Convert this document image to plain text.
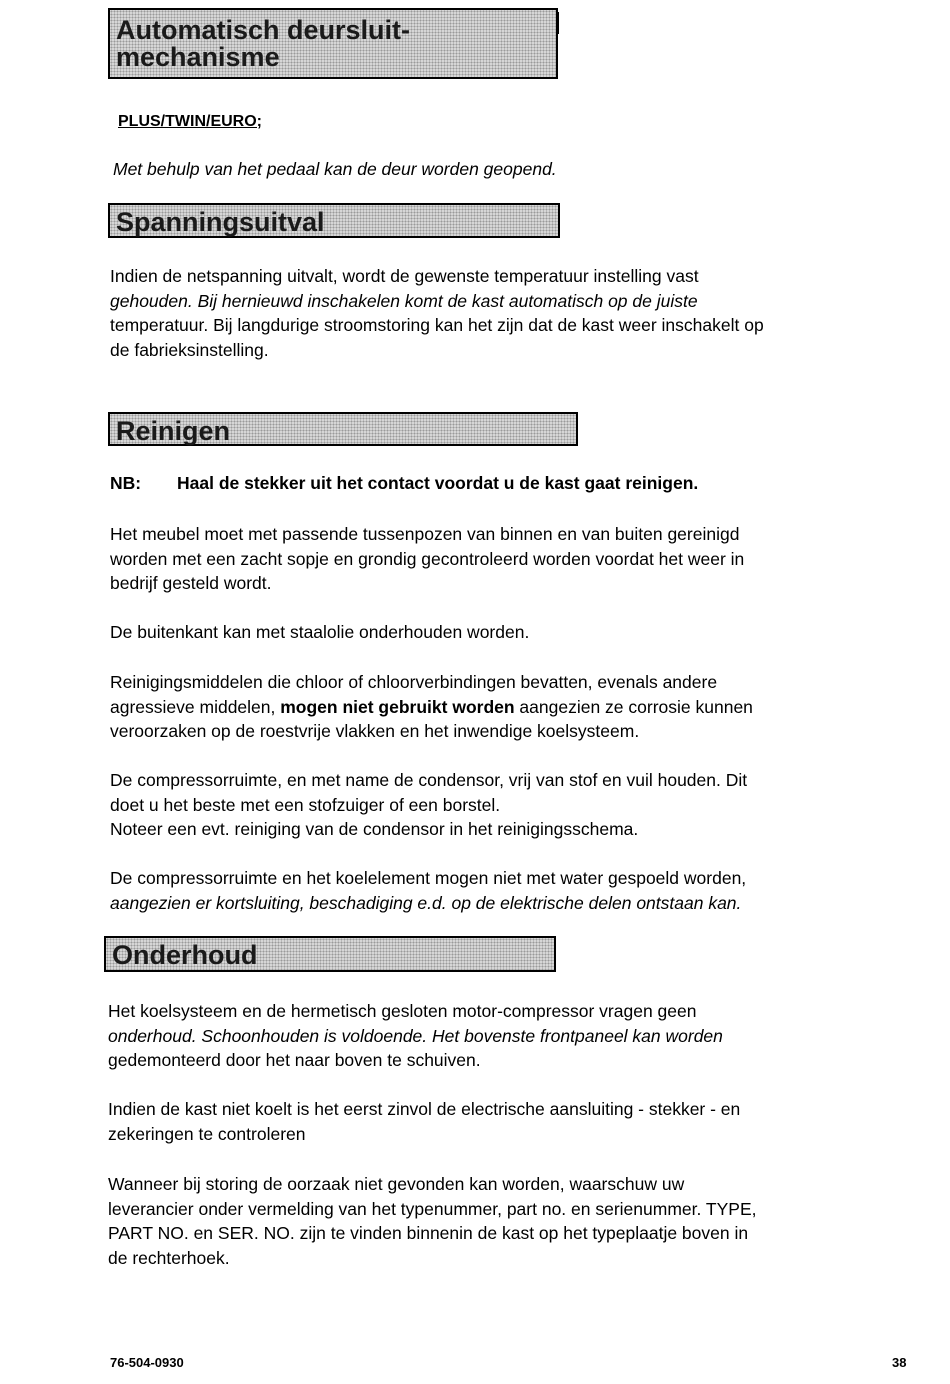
Automatisch deursluit-
mechanisme
PLUS/TWIN/EURO;
Met behulp van het pedaal kan de deur worden geopend.
Spanningsuitval
Indien de netspanning uitvalt, wordt de gewenste temperatuur instelling vast
gehouden. Bij hernieuwd inschakelen komt de kast automatisch op de juiste
temperatuur. Bij langdurige stroomstoring kan het zijn dat de kast weer inschakelt op
de fabrieksinstelling.
Reinigen
NB: Haal de stekker uit het contact voordat u de kast gaat reinigen.
Het meubel moet met passende tussenpozen van binnen en van buiten gereinigd
worden met een zacht sopje en grondig gecontroleerd worden voordat het weer in
bedrijf gesteld wordt.
De buitenkant kan met staalolie onderhouden worden.
Reinigingsmiddelen die chloor of chloorverbindingen bevatten, evenals andere
agressieve middelen, mogen niet gebruikt worden aangezien ze corrosie kunnen
veroorzaken op de roestvrije vlakken en het inwendige koelsysteem.
De compressorruimte, en met name de condensor, vrij van stof en vuil houden. Dit
doet u het beste met een stofzuiger of een borstel.
Noteer een evt. reiniging van de condensor in het reinigingsschema.
De compressorruimte en het koelelement mogen niet met water gespoeld worden,
aangezien er kortsluiting, beschadiging e.d. op de elektrische delen ontstaan kan.
Onderhoud
Het koelsysteem en de hermetisch gesloten motor-compressor vragen geen
onderhoud. Schoonhouden is voldoende. Het bovenste frontpaneel kan worden
gedemonteerd door het naar boven te schuiven.
Indien de kast niet koelt is het eerst zinvol de electrische aansluiting - stekker - en
zekeringen te controleren
Wanneer bij storing de oorzaak niet gevonden kan worden, waarschuw uw
leverancier onder vermelding van het typenummer, part no. en serienummer. TYPE,
PART NO. en SER. NO. zijn te vinden binnenin de kast op het typeplaatje boven in
de rechterhoek.
76-504-0930	38
